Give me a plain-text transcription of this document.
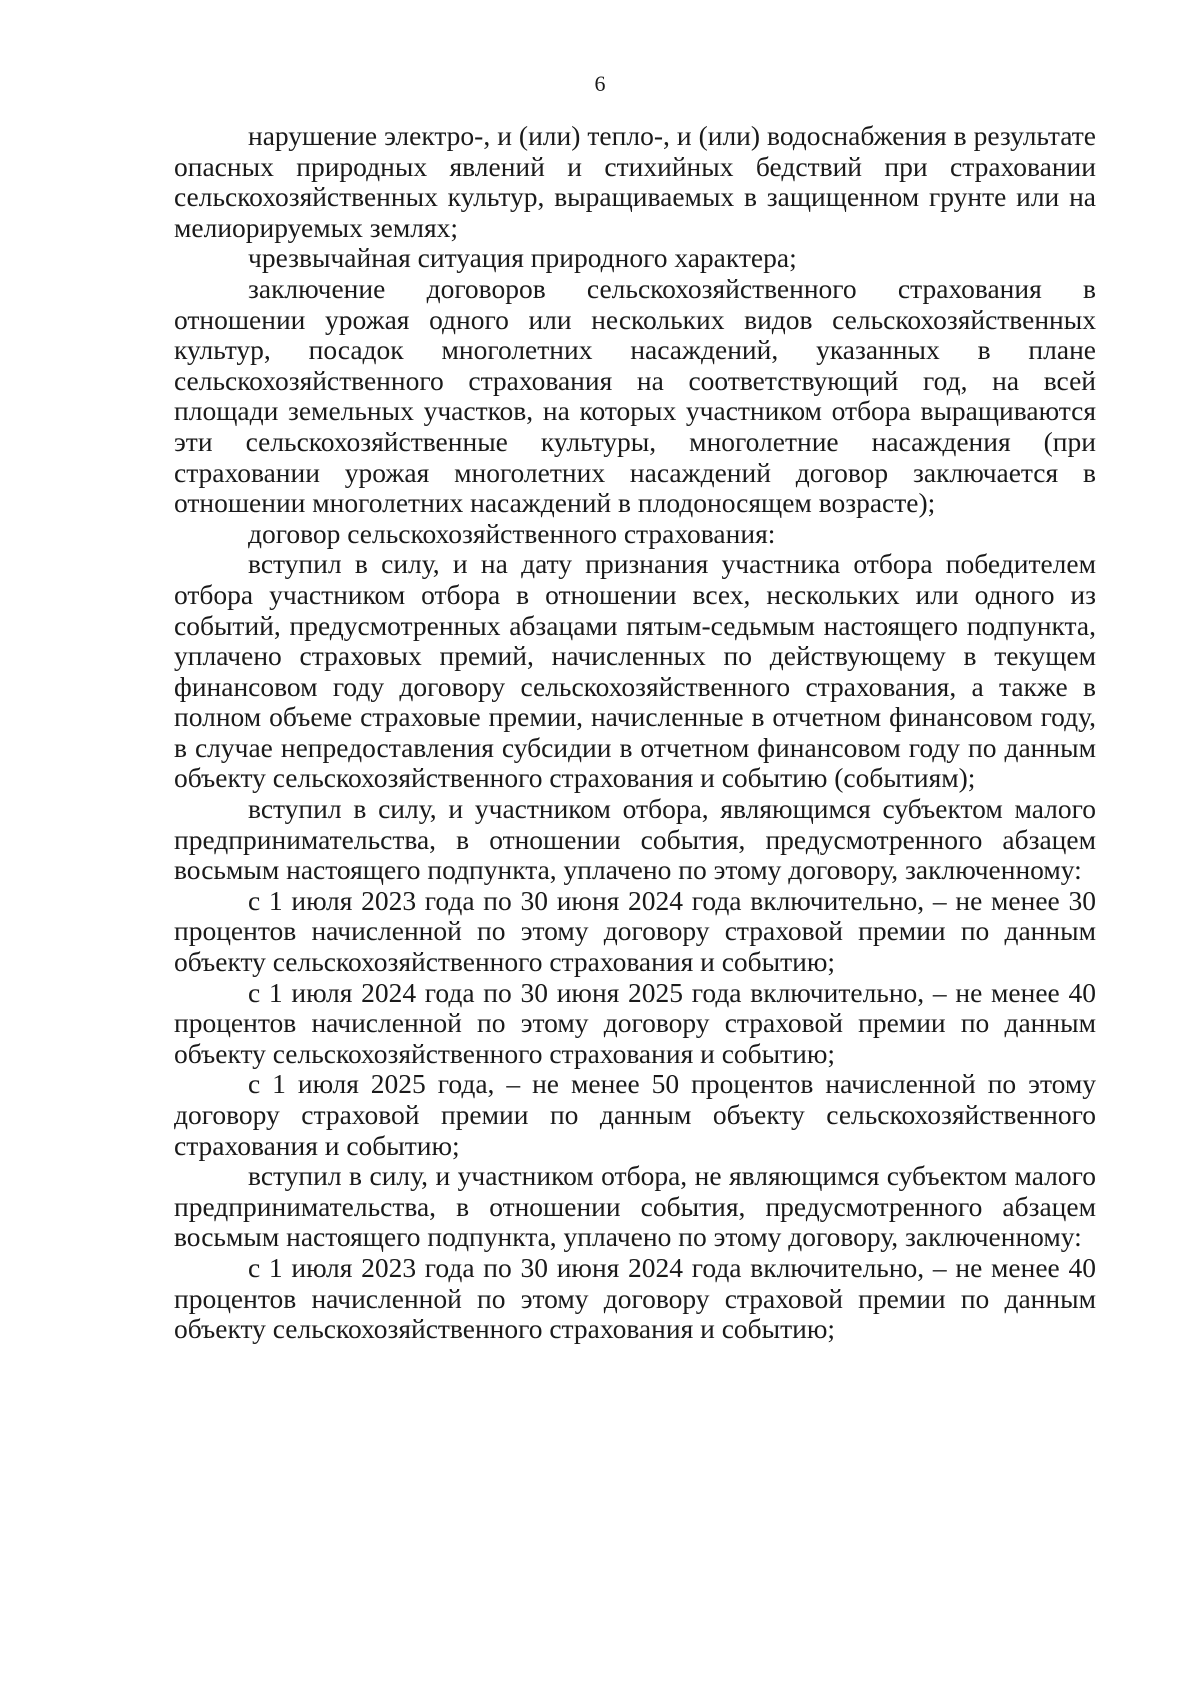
6

нарушение электро-, и (или) тепло-, и (или) водоснабжения в результате опасных природных явлений и стихийных бедствий при страховании сельскохозяйственных культур, выращиваемых в защищенном грунте или на мелиорируемых землях;

чрезвычайная ситуация природного характера;

заключение договоров сельскохозяйственного страхования в отношении урожая одного или нескольких видов сельскохозяйственных культур, посадок многолетних насаждений, указанных в плане сельскохозяйственного страхования на соответствующий год, на всей площади земельных участков, на которых участником отбора выращиваются эти сельскохозяйственные культуры, многолетние насаждения (при страховании урожая многолетних насаждений договор заключается в отношении многолетних насаждений в плодоносящем возрасте);

договор сельскохозяйственного страхования:

вступил в силу, и на дату признания участника отбора победителем отбора участником отбора в отношении всех, нескольких или одного из событий, предусмотренных абзацами пятым-седьмым настоящего подпункта, уплачено страховых премий, начисленных по действующему в текущем финансовом году договору сельскохозяйственного страхования, а также в полном объеме страховые премии, начисленные в отчетном финансовом году, в случае непредоставления субсидии в отчетном финансовом году по данным объекту сельскохозяйственного страхования и событию (событиям);

вступил в силу, и участником отбора, являющимся субъектом малого предпринимательства, в отношении события, предусмотренного абзацем восьмым настоящего подпункта, уплачено по этому договору, заключенному:

с 1 июля 2023 года по 30 июня 2024 года включительно, – не менее 30 процентов начисленной по этому договору страховой премии по данным объекту сельскохозяйственного страхования и событию;

с 1 июля 2024 года по 30 июня 2025 года включительно, – не менее 40 процентов начисленной по этому договору страховой премии по данным объекту сельскохозяйственного страхования и событию;

с 1 июля 2025 года, – не менее 50 процентов начисленной по этому договору страховой премии по данным объекту сельскохозяйственного страхования и событию;

вступил в силу, и участником отбора, не являющимся субъектом малого предпринимательства, в отношении события, предусмотренного абзацем восьмым настоящего подпункта, уплачено по этому договору, заключенному:

с 1 июля 2023 года по 30 июня 2024 года включительно, – не менее 40 процентов начисленной по этому договору страховой премии по данным объекту сельскохозяйственного страхования и событию;
